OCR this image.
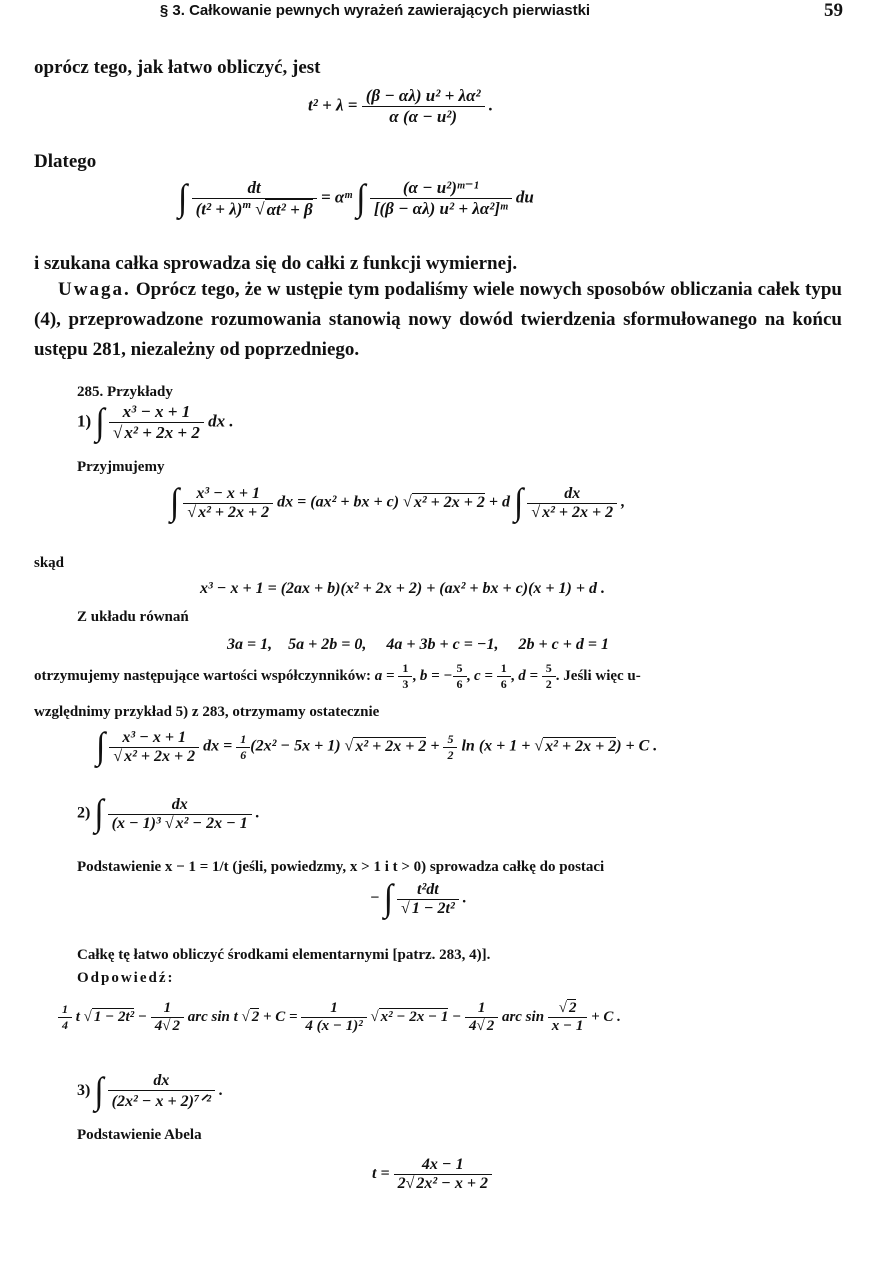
§ 3. Całkowanie pewnych wyrażeń zawierających pierwiastki	59
oprócz tego, jak łatwo obliczyć, jest
$t^2 + \lambda = \frac{\text{(β − αλ) u² + λα²}}{\text{α (α − u²)}}$ .
Dlatego
∫ $\frac{dt}{(t^2 + \lambda)^m √ \alpha t^2 + \beta}$ = αᵐ ∫ $\frac{\text{(α − u²)ᵐ⁻¹}}{\text{[(β − αλ) u² + λα²]ᵐ}}$ du
i szukana całka sprowadza się do całki z funkcji wymiernej.
Uwaga. Oprócz tego, że w ustępie tym podaliśmy wiele nowych sposobów obliczania całek typu (4), przeprowadzone rozumowania stanowią nowy dowód twierdzenia sformułowanego na końcu ustępu 281, niezależny od poprzedniego.
285. Przykłady
1) ∫ $\frac{\text{x³ − x + 1}}{\text{√ x² + 2x + 2}}$ dx .
Przyjmujemy
∫ $\frac{\text{x³ − x + 1}}{\text{√ x² + 2x + 2}}$ dx = (ax² + bx + c) √ x² + 2x + 2 + d ∫ $\frac{dx}{\text{√ x² + 2x + 2}}$ ,
skąd
x³ − x + 1 = (2ax + b)(x² + 2x + 2) + (ax² + bx + c)(x + 1) + d .
Z układu równań
3a = 1, 5a + 2b = 0, 4a + 3b + c = −1, 2b + c + d = 1
otrzymujemy następujące wartości współczynników: $a = \frac{1}{3}$ , b = − $\frac{5}{6}$ , $c = \frac{1}{6}$ , $d = \frac{5}{2}$ . Jeśli więc u-
względnimy przykład 5) z 283, otrzymamy ostatecznie
∫ $\frac{\text{x³ − x + 1}}{\text{√ x² + 2x + 2}}$ dx = $\frac{1}{6} (2x^2 - 5x + 1)$ √ $x^2 + 2x + 2 + \frac{5}{2}$ ln (x + 1 + √ x² + 2x + 2) + C .
2) ∫ $\frac{dx}{\text{(x − 1)³ √ x² − 2x − 1}}$ .
Podstawienie x − 1 = 1/t (jeśli, powiedzmy, x > 1 i t > 0) sprowadza całkę do postaci
− ∫ $\frac{\text{t²dt}}{\text{√ 1 − 2t²}}$ .
Całkę tę łatwo obliczyć środkami elementarnymi [patrz. 283, 4)].
Odpowiedź:
$\frac{1}{4}$ t √ $1 - 2t^2 - \frac{1}{4√ 2}$ arc sin t √ $2 + C = \frac{1}{\text{4 (x − 1)²}}$ √ $x^2 - 2x - 1 - \frac{1}{4√ 2}$ arc $\sin \frac{√ 2}{x - 1} + C$ .
3) ∫ $\frac{dx}{\text{(2x² − x + 2)⁷ᐟ²}}$ .
Podstawienie Abela
$t = \frac{4x - 1}{\text{2√ 2x² − x + 2}}$
